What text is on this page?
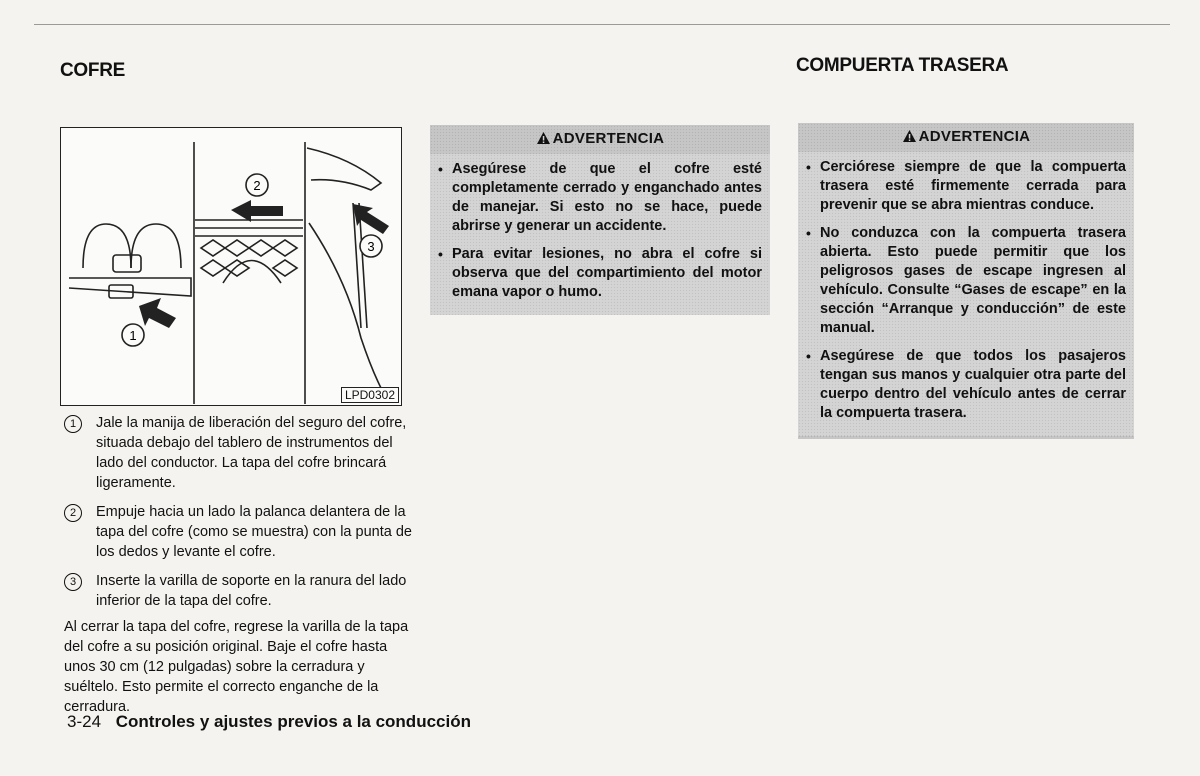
COFRE	COMPUERTA TRASERA
1
2
3
LPD0302
1	Jale la manija de liberación del seguro del cofre, situada debajo del tablero de instrumentos del lado del conductor. La tapa del cofre brincará ligeramente.
2	Empuje hacia un lado la palanca delantera de la tapa del cofre (como se muestra) con la punta de los dedos y levante el cofre.
3	Inserte la varilla de soporte en la ranura del lado inferior de la tapa del cofre.
Al cerrar la tapa del cofre, regrese la varilla de la tapa del cofre a su posición original. Baje el cofre hasta unos 30 cm (12 pulgadas) sobre la cerradura y suéltelo. Esto permite el correcto enganche de la cerradura.
ADVERTENCIA
• Asegúrese de que el cofre esté completamente cerrado y enganchado antes de manejar. Si esto no se hace, puede abrirse y generar un accidente.
• Para evitar lesiones, no abra el cofre si observa que del compartimiento del motor emana vapor o humo.
ADVERTENCIA
• Cerciórese siempre de que la compuerta trasera esté firmemente cerrada para prevenir que se abra mientras conduce.
• No conduzca con la compuerta trasera abierta. Esto puede permitir que los peligrosos gases de escape ingresen al vehículo. Consulte “Gases de escape” en la sección “Arranque y conducción” de este manual.
• Asegúrese de que todos los pasajeros tengan sus manos y cualquier otra parte del cuerpo dentro del vehículo antes de cerrar la compuerta trasera.
3-24 Controles y ajustes previos a la conducción
